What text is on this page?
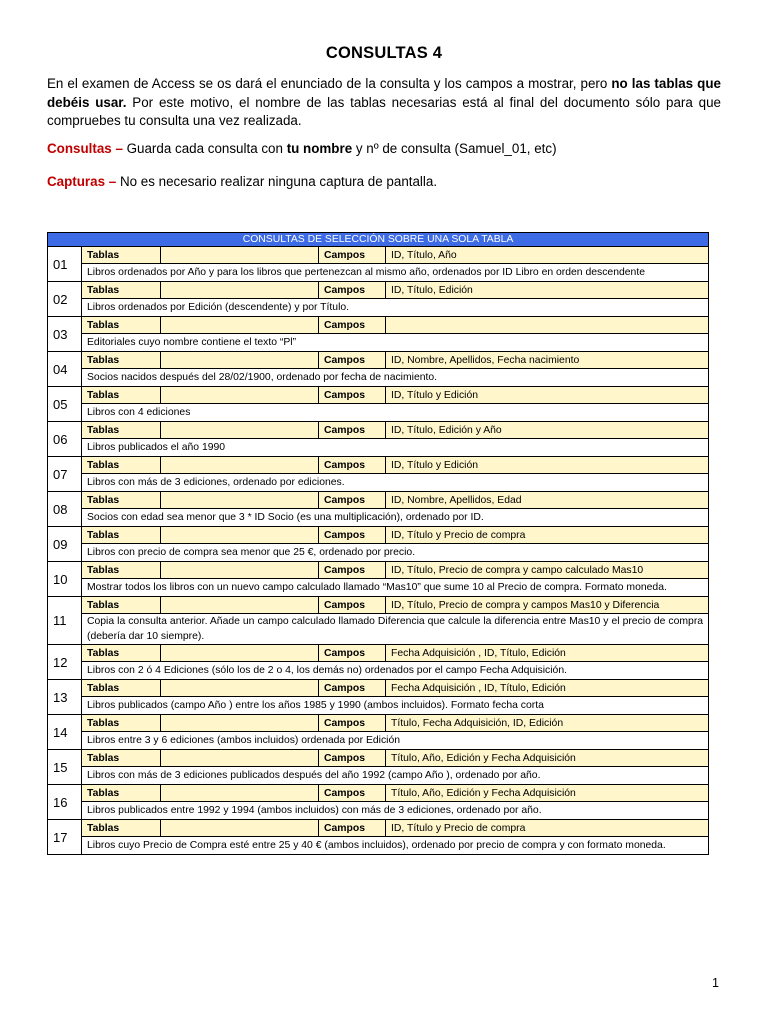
CONSULTAS 4
En el examen de Access se os dará el enunciado de la consulta y los campos a mostrar, pero no las tablas que debéis usar. Por este motivo, el nombre de las tablas necesarias está al final del documento sólo para que compruebes tu consulta una vez realizada.
Consultas – Guarda cada consulta con tu nombre y nº de consulta (Samuel_01, etc)
Capturas – No es necesario realizar ninguna captura de pantalla.
CONSULTAS DE SELECCIÓN SOBRE UNA SOLA TABLA				
01	Tablas		Campos	ID, Título, Año
	Libros ordenados por Año y para los libros que pertenezcan al mismo año, ordenados por ID Libro en orden descendente			
02	Tablas		Campos	ID, Título, Edición
	Libros ordenados por Edición (descendente) y por Título.			
03	Tablas		Campos	
	Editoriales cuyo nombre contiene el texto “Pl”			
04	Tablas		Campos	ID, Nombre, Apellidos, Fecha nacimiento
	Socios nacidos después del 28/02/1900, ordenado por fecha de nacimiento.			
05	Tablas		Campos	ID, Título y Edición
	Libros con 4 ediciones			
06	Tablas		Campos	ID, Título, Edición y Año
	Libros publicados el año 1990			
07	Tablas		Campos	ID, Título y Edición
	Libros con más de 3 ediciones, ordenado por ediciones.			
08	Tablas		Campos	ID, Nombre, Apellidos, Edad
	Socios con edad sea menor que 3 * ID Socio (es una multiplicación), ordenado por ID.			
09	Tablas		Campos	ID, Título y Precio de compra
	Libros con precio de compra sea menor que 25 €, ordenado por precio.			
10	Tablas		Campos	ID, Título, Precio de compra y campo calculado Mas10
	Mostrar todos los libros con un nuevo campo calculado llamado “Mas10” que sume 10 al Precio de compra. Formato moneda.			
11	Tablas		Campos	ID, Título, Precio de compra y campos Mas10 y Diferencia
	Copia la consulta anterior. Añade un campo calculado llamado Diferencia que calcule la diferencia entre Mas10 y el precio de compra (debería dar 10 siempre).			
12	Tablas		Campos	Fecha Adquisición , ID, Título, Edición
	Libros con 2 ó 4 Ediciones (sólo los de 2 o 4, los demás no) ordenados por el campo Fecha Adquisición.			
13	Tablas		Campos	Fecha Adquisición , ID, Título, Edición
	Libros publicados (campo Año ) entre los años 1985 y 1990 (ambos incluidos). Formato fecha corta			
14	Tablas		Campos	Título, Fecha Adquisición, ID, Edición
	Libros entre 3 y 6 ediciones (ambos incluidos) ordenada por Edición			
15	Tablas		Campos	Título, Año, Edición y Fecha Adquisición
	Libros con más de 3 ediciones publicados después del año 1992 (campo Año ), ordenado por año.			
16	Tablas		Campos	Título, Año, Edición y Fecha Adquisición
	Libros publicados entre 1992 y 1994 (ambos incluidos) con más de 3 ediciones, ordenado por año.			
17	Tablas		Campos	ID, Título y Precio de compra
	Libros cuyo Precio de Compra esté entre 25 y 40 € (ambos incluidos), ordenado por precio de compra y con formato moneda.			
1
